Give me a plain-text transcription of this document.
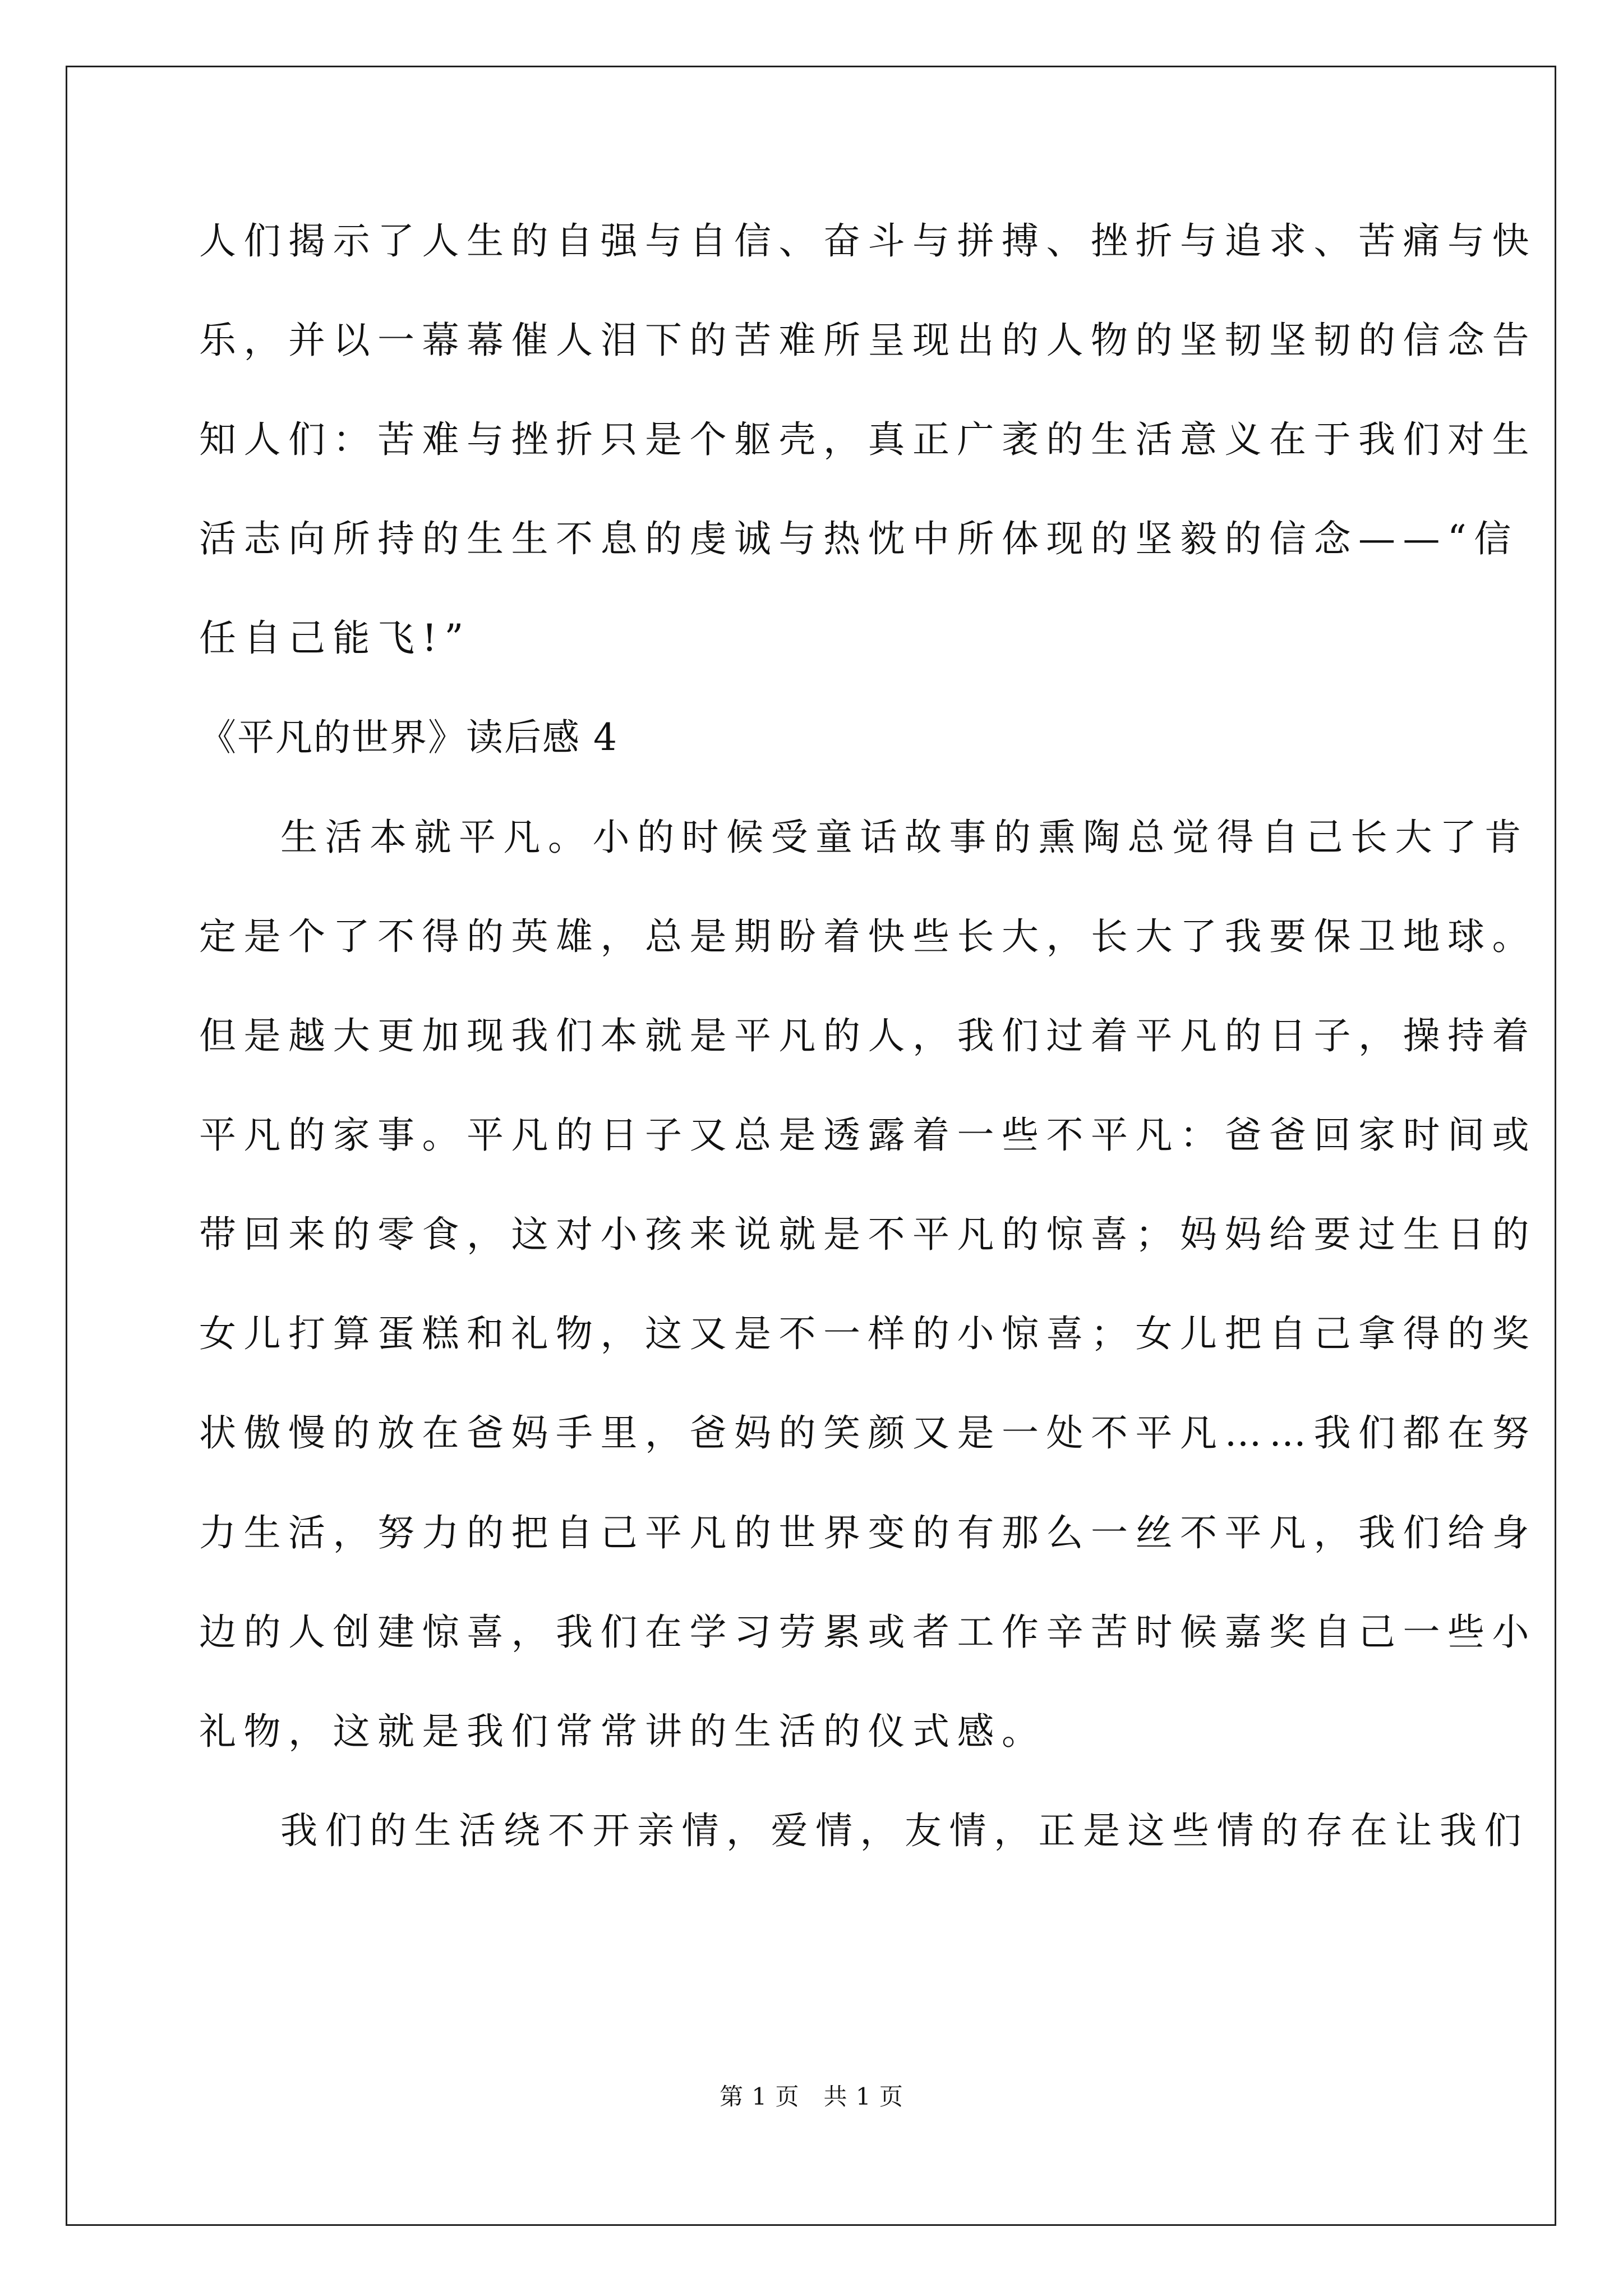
人们揭示了人生的自强与自信、奋斗与拼搏、挫折与追求、苦痛与快
乐，并以一幕幕催人泪下的苦难所呈现出的人物的坚韧坚韧的信念告
知人们：苦难与挫折只是个躯壳，真正广袤的生活意义在于我们对生
活志向所持的生生不息的虔诚与热忱中所体现的坚毅的信念——“信
任自己能飞!”
《平凡的世界》读后感 4
生活本就平凡。小的时候受童话故事的熏陶总觉得自己长大了肯
定是个了不得的英雄，总是期盼着快些长大，长大了我要保卫地球。
但是越大更加现我们本就是平凡的人，我们过着平凡的日子，操持着
平凡的家事。平凡的日子又总是透露着一些不平凡：爸爸回家时间或
带回来的零食，这对小孩来说就是不平凡的惊喜；妈妈给要过生日的
女儿打算蛋糕和礼物，这又是不一样的小惊喜；女儿把自己拿得的奖
状傲慢的放在爸妈手里，爸妈的笑颜又是一处不平凡……我们都在努
力生活，努力的把自己平凡的世界变的有那么一丝不平凡，我们给身
边的人创建惊喜，我们在学习劳累或者工作辛苦时候嘉奖自己一些小
礼物，这就是我们常常讲的生活的仪式感。
我们的生活绕不开亲情，爱情，友情，正是这些情的存在让我们
第 1 页　共 1 页
